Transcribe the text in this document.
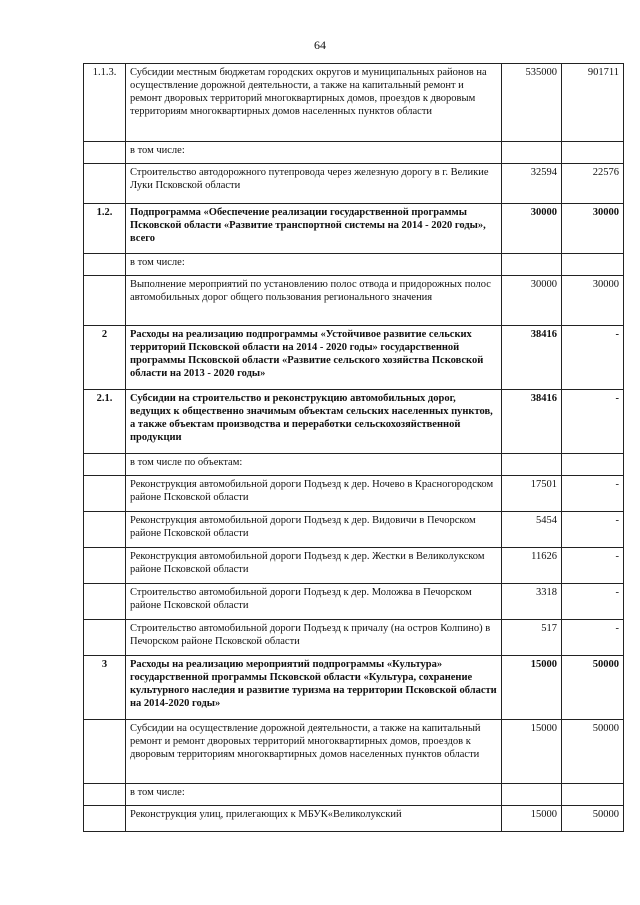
64
1.1.3.	Субсидии местным бюджетам городских округов и муниципальных районов на осуществление дорожной деятельности, а также на капитальный ремонт и ремонт дворовых территорий многоквартирных домов, проездов к дворовым территориям многоквартирных домов населенных пунктов области	535000	901711
	в том числе:		
	Строительство автодорожного путепровода через железную дорогу в г. Великие Луки Псковской области	32594	22576
1.2.	Подпрограмма «Обеспечение реализации государственной программы Псковской области «Развитие транспортной системы на 2014 - 2020 годы», всего	30000	30000
	в том числе:		
	Выполнение мероприятий по установлению полос отвода и придорожных полос автомобильных дорог общего пользования регионального значения	30000	30000
2	Расходы на реализацию подпрограммы «Устойчивое развитие сельских территорий Псковской области на 2014 - 2020 годы» государственной программы Псковской области «Развитие сельского хозяйства Псковской области на 2013 - 2020 годы»	38416	-
2.1.	Субсидии на строительство и реконструкцию автомобильных дорог, ведущих к общественно значимым объектам сельских населенных пунктов, а также объектам производства и переработки сельскохозяйственной продукции	38416	-
	в том числе по объектам:		
	Реконструкция автомобильной дороги Подъезд к дер. Ночево в Красногородском районе Псковской области	17501	-
	Реконструкция автомобильной дороги Подъезд к дер. Видовичи в Печорском районе Псковской области	5454	-
	Реконструкция автомобильной дороги Подъезд к дер. Жестки в Великолукском районе Псковской области	11626	-
	Строительство автомобильной дороги Подъезд к дер. Моложва в Печорском районе Псковской области	3318	-
	Строительство автомобильной дороги Подъезд к причалу (на остров Колпино) в Печорском районе Псковской области	517	-
3	Расходы на реализацию мероприятий подпрограммы «Культура» государственной программы Псковской области «Культура, сохранение культурного наследия и развитие туризма на территории Псковской области на 2014-2020 годы»	15000	50000
	Субсидии на осуществление дорожной деятельности, а также на капитальный ремонт и ремонт дворовых территорий многоквартирных домов, проездов к дворовым территориям многоквартирных домов населенных пунктов области	15000	50000
	в том числе:		
	Реконструкция улиц, прилегающих к МБУК«Великолукский	15000	50000
